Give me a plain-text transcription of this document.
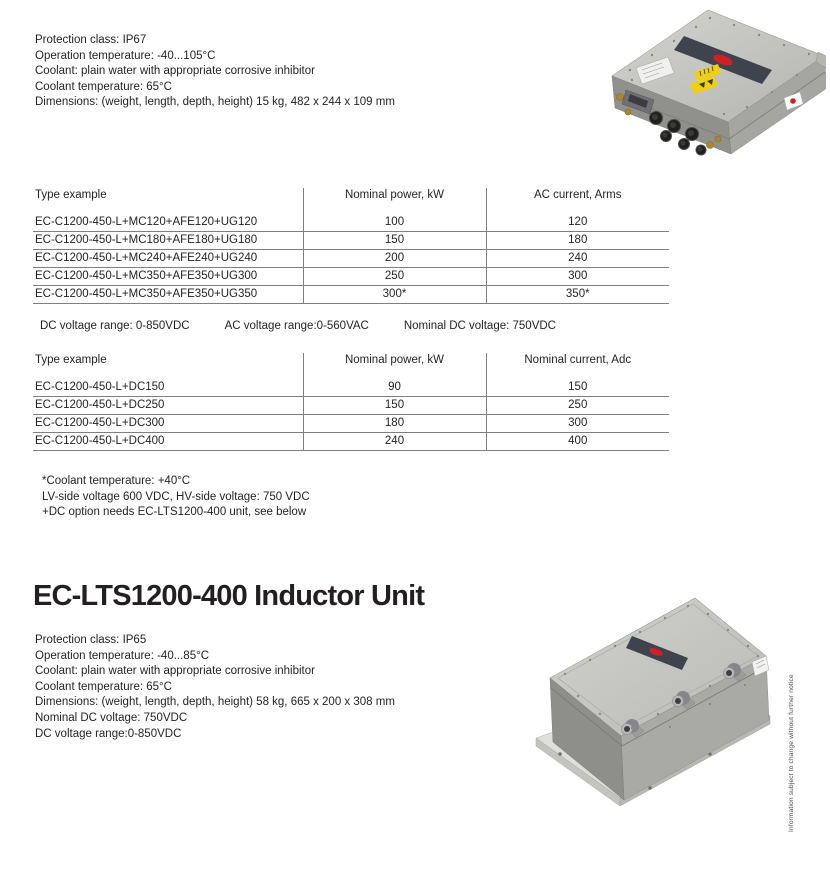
Protection class: IP67
Operation temperature: -40...105°C
Coolant: plain water with appropriate corrosive inhibitor
Coolant temperature: 65°C
Dimensions: (weight, length, depth, height) 15 kg, 482 x 244 x 109 mm
Type example	Nominal power, kW	AC current, Arms
EC-C1200-450-L+MC120+AFE120+UG120	100	120
EC-C1200-450-L+MC180+AFE180+UG180	150	180
EC-C1200-450-L+MC240+AFE240+UG240	200	240
EC-C1200-450-L+MC350+AFE350+UG300	250	300
EC-C1200-450-L+MC350+AFE350+UG350	300*	350*
DC voltage range: 0-850VDC	AC voltage range:0-560VAC	Nominal DC voltage: 750VDC
Type example	Nominal power, kW	Nominal current, Adc
EC-C1200-450-L+DC150	90	150
EC-C1200-450-L+DC250	150	250
EC-C1200-450-L+DC300	180	300
EC-C1200-450-L+DC400	240	400
*Coolant temperature: +40°C
LV-side voltage 600 VDC, HV-side voltage: 750 VDC
+DC option needs EC-LTS1200-400 unit, see below
EC-LTS1200-400 Inductor Unit
Protection class: IP65
Operation temperature: -40...85°C
Coolant: plain water with appropriate corrosive inhibitor
Coolant temperature: 65°C
Dimensions: (weight, length, depth, height) 58 kg, 665 x 200 x 308 mm
Nominal DC voltage: 750VDC
DC voltage range:0-850VDC	Information subject to change without further notice
